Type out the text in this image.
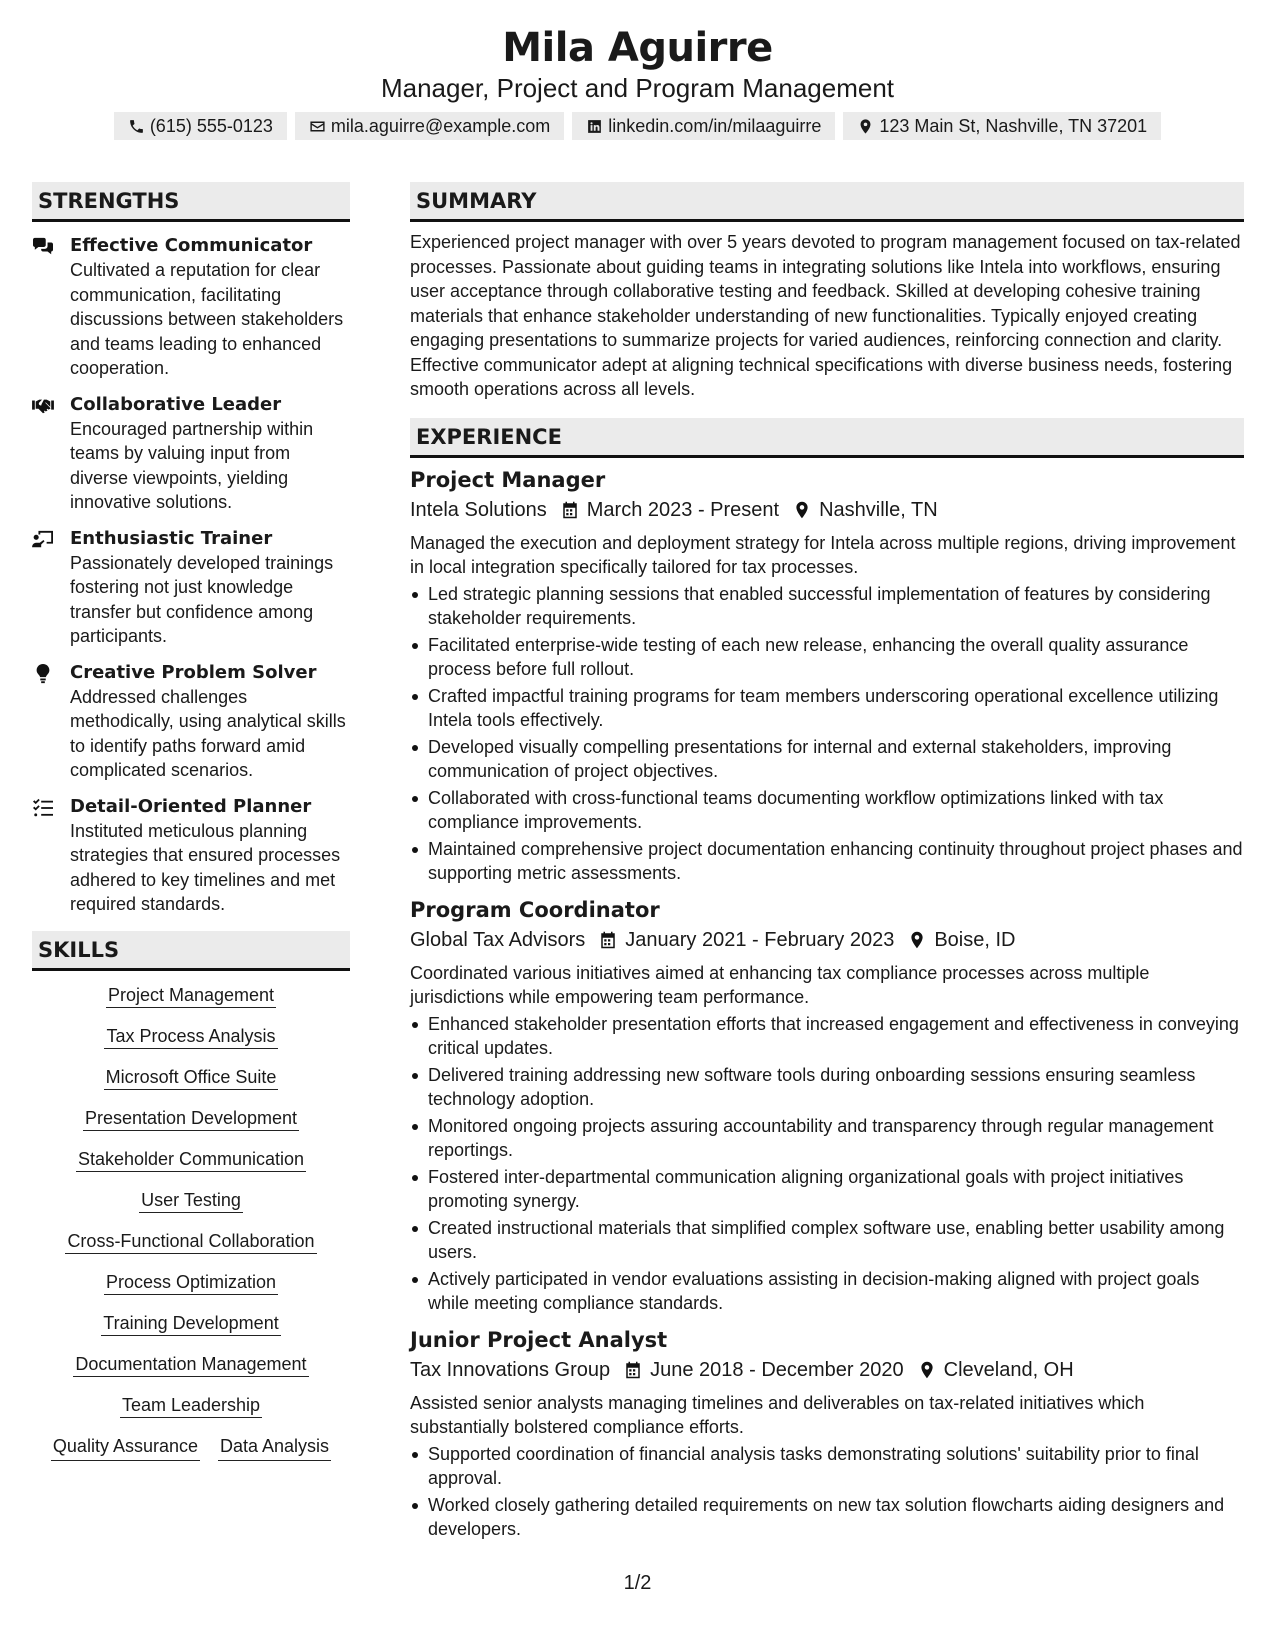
Mila Aguirre
Manager, Project and Program Management
(615) 555-0123	mila.aguirre@example.com	linkedin.com/in/milaaguirre	123 Main St, Nashville, TN 37201
STRENGTHS
Effective Communicator
Cultivated a reputation for clear communication, facilitating discussions between stakeholders and teams leading to enhanced cooperation.
Collaborative Leader
Encouraged partnership within teams by valuing input from diverse viewpoints, yielding innovative solutions.
Enthusiastic Trainer
Passionately developed trainings fostering not just knowledge transfer but confidence among participants.
Creative Problem Solver
Addressed challenges methodically, using analytical skills to identify paths forward amid complicated scenarios.
Detail-Oriented Planner
Instituted meticulous planning strategies that ensured processes adhered to key timelines and met required standards.
SKILLS
Project Management
Tax Process Analysis
Microsoft Office Suite
Presentation Development
Stakeholder Communication
User Testing
Cross-Functional Collaboration
Process Optimization
Training Development
Documentation Management
Team Leadership
Quality Assurance Data Analysis
SUMMARY
Experienced project manager with over 5 years devoted to program management focused on tax-related processes. Passionate about guiding teams in integrating solutions like Intela into workflows, ensuring user acceptance through collaborative testing and feedback. Skilled at developing cohesive training materials that enhance stakeholder understanding of new functionalities. Typically enjoyed creating engaging presentations to summarize projects for varied audiences, reinforcing connection and clarity. Effective communicator adept at aligning technical specifications with diverse business needs, fostering smooth operations across all levels.
EXPERIENCE
Project Manager
Intela Solutions March 2023 - Present Nashville, TN
Managed the execution and deployment strategy for Intela across multiple regions, driving improvement in local integration specifically tailored for tax processes.
Led strategic planning sessions that enabled successful implementation of features by considering stakeholder requirements.
Facilitated enterprise-wide testing of each new release, enhancing the overall quality assurance process before full rollout.
Crafted impactful training programs for team members underscoring operational excellence utilizing Intela tools effectively.
Developed visually compelling presentations for internal and external stakeholders, improving communication of project objectives.
Collaborated with cross-functional teams documenting workflow optimizations linked with tax compliance improvements.
Maintained comprehensive project documentation enhancing continuity throughout project phases and supporting metric assessments.
Program Coordinator
Global Tax Advisors January 2021 - February 2023 Boise, ID
Coordinated various initiatives aimed at enhancing tax compliance processes across multiple jurisdictions while empowering team performance.
Enhanced stakeholder presentation efforts that increased engagement and effectiveness in conveying critical updates.
Delivered training addressing new software tools during onboarding sessions ensuring seamless technology adoption.
Monitored ongoing projects assuring accountability and transparency through regular management reportings.
Fostered inter-departmental communication aligning organizational goals with project initiatives promoting synergy.
Created instructional materials that simplified complex software use, enabling better usability among users.
Actively participated in vendor evaluations assisting in decision-making aligned with project goals while meeting compliance standards.
Junior Project Analyst
Tax Innovations Group June 2018 - December 2020 Cleveland, OH
Assisted senior analysts managing timelines and deliverables on tax-related initiatives which substantially bolstered compliance efforts.
Supported coordination of financial analysis tasks demonstrating solutions' suitability prior to final approval.
Worked closely gathering detailed requirements on new tax solution flowcharts aiding designers and developers.
1/2
